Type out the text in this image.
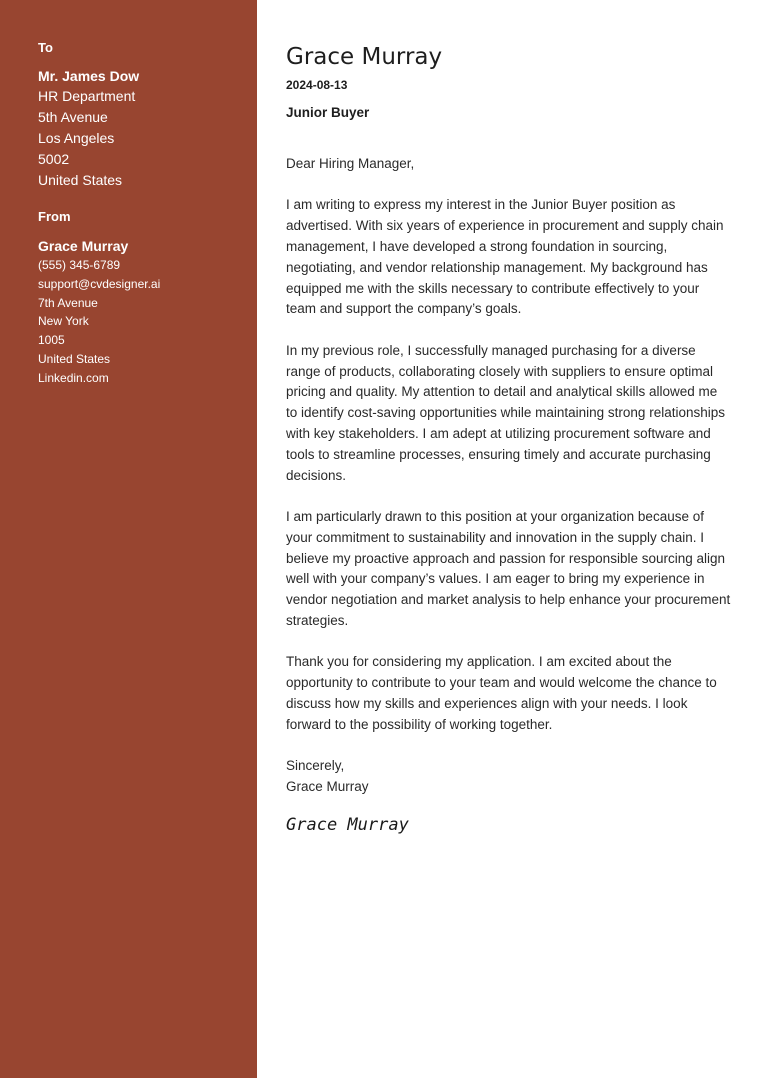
To
Mr. James Dow
HR Department
5th Avenue
Los Angeles
5002
United States
From
Grace Murray
(555) 345-6789
support@cvdesigner.ai
7th Avenue
New York
1005
United States
Linkedin.com
Grace Murray
2024-08-13
Junior Buyer
Dear Hiring Manager,
I am writing to express my interest in the Junior Buyer position as advertised. With six years of experience in procurement and supply chain management, I have developed a strong foundation in sourcing, negotiating, and vendor relationship management. My background has equipped me with the skills necessary to contribute effectively to your team and support the company’s goals.
In my previous role, I successfully managed purchasing for a diverse range of products, collaborating closely with suppliers to ensure optimal pricing and quality. My attention to detail and analytical skills allowed me to identify cost-saving opportunities while maintaining strong relationships with key stakeholders. I am adept at utilizing procurement software and tools to streamline processes, ensuring timely and accurate purchasing decisions.
I am particularly drawn to this position at your organization because of your commitment to sustainability and innovation in the supply chain. I believe my proactive approach and passion for responsible sourcing align well with your company’s values. I am eager to bring my experience in vendor negotiation and market analysis to help enhance your procurement strategies.
Thank you for considering my application. I am excited about the opportunity to contribute to your team and would welcome the chance to discuss how my skills and experiences align with your needs. I look forward to the possibility of working together.
Sincerely,
Grace Murray
Grace Murray
